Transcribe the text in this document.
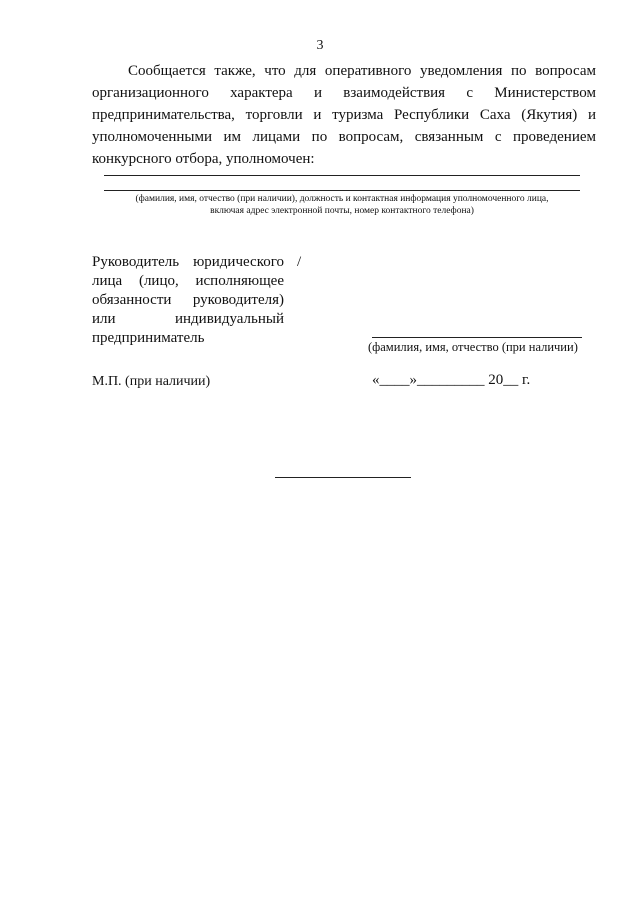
3

Сообщается также, что для оперативного уведомления по вопросам организационного характера и взаимодействия с Министерством предпринимательства, торговли и туризма Республики Саха (Якутия) и уполномоченными им лицами по вопросам, связанным с проведением конкурсного отбора, уполномочен:

(фамилия, имя, отчество (при наличии), должность и контактная информация уполномоченного лица,
включая адрес электронной почты, номер контактного телефона)

Руководитель юридического лица (лицо, исполняющее обязанности руководителя) или индивидуальный предприниматель

/
(фамилия, имя, отчество (при наличии)
М.П. (при наличии)	«____»_________ 20__ г.
